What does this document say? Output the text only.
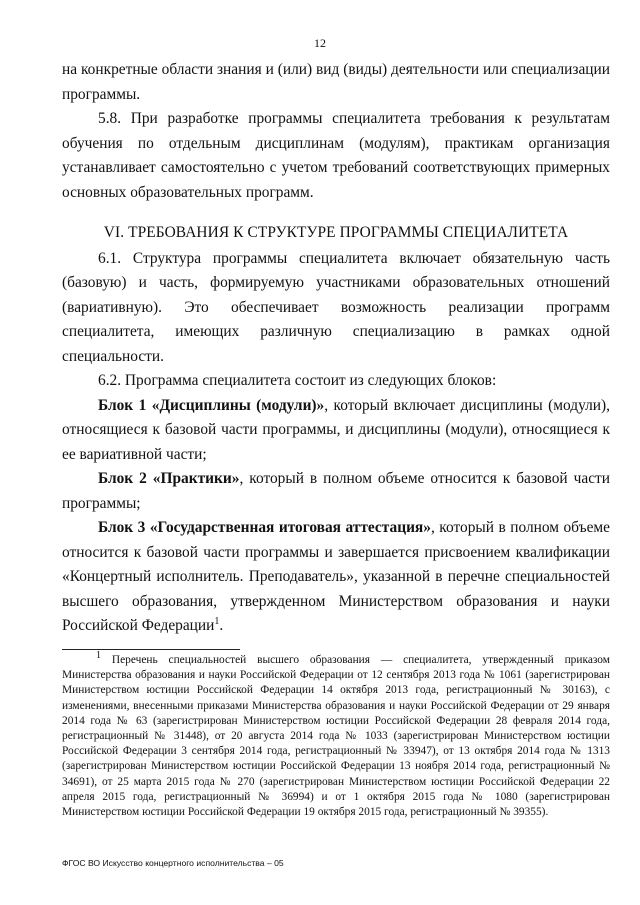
12

на конкретные области знания и (или) вид (виды) деятельности или специализации программы.

5.8. При разработке программы специалитета требования к результатам обучения по отдельным дисциплинам (модулям), практикам организация устанавливает самостоятельно с учетом требований соответствующих примерных основных образовательных программ.

VI. ТРЕБОВАНИЯ К СТРУКТУРЕ ПРОГРАММЫ СПЕЦИАЛИТЕТА

6.1. Структура программы специалитета включает обязательную часть (базовую) и часть, формируемую участниками образовательных отношений (вариативную). Это обеспечивает возможность реализации программ специалитета, имеющих различную специализацию в рамках одной специальности.

6.2. Программа специалитета состоит из следующих блоков:

Блок 1 «Дисциплины (модули)», который включает дисциплины (модули), относящиеся к базовой части программы, и дисциплины (модули), относящиеся к ее вариативной части;

Блок 2 «Практики», который в полном объеме относится к базовой части программы;

Блок 3 «Государственная итоговая аттестация», который в полном объеме относится к базовой части программы и завершается присвоением квалификации «Концертный исполнитель. Преподаватель», указанной в перечне специальностей высшего образования, утвержденном Министерством образования и науки Российской Федерации$^1$.

$^1$ Перечень специальностей высшего образования — специалитета, утвержденный приказом Министерства образования и науки Российской Федерации от 12 сентября 2013 года № 1061 (зарегистрирован Министерством юстиции Российской Федерации 14 октября 2013 года, регистрационный № 30163), с изменениями, внесенными приказами Министерства образования и науки Российской Федерации от 29 января 2014 года № 63 (зарегистрирован Министерством юстиции Российской Федерации 28 февраля 2014 года, регистрационный № 31448), от 20 августа 2014 года № 1033 (зарегистрирован Министерством юстиции Российской Федерации 3 сентября 2014 года, регистрационный № 33947), от 13 октября 2014 года № 1313 (зарегистрирован Министерством юстиции Российской Федерации 13 ноября 2014 года, регистрационный № 34691), от 25 марта 2015 года № 270 (зарегистрирован Министерством юстиции Российской Федерации 22 апреля 2015 года, регистрационный № 36994) и от 1 октября 2015 года № 1080 (зарегистрирован Министерством юстиции Российской Федерации 19 октября 2015 года, регистрационный № 39355).
ФГОС ВО Искусство концертного исполнительства – 05
